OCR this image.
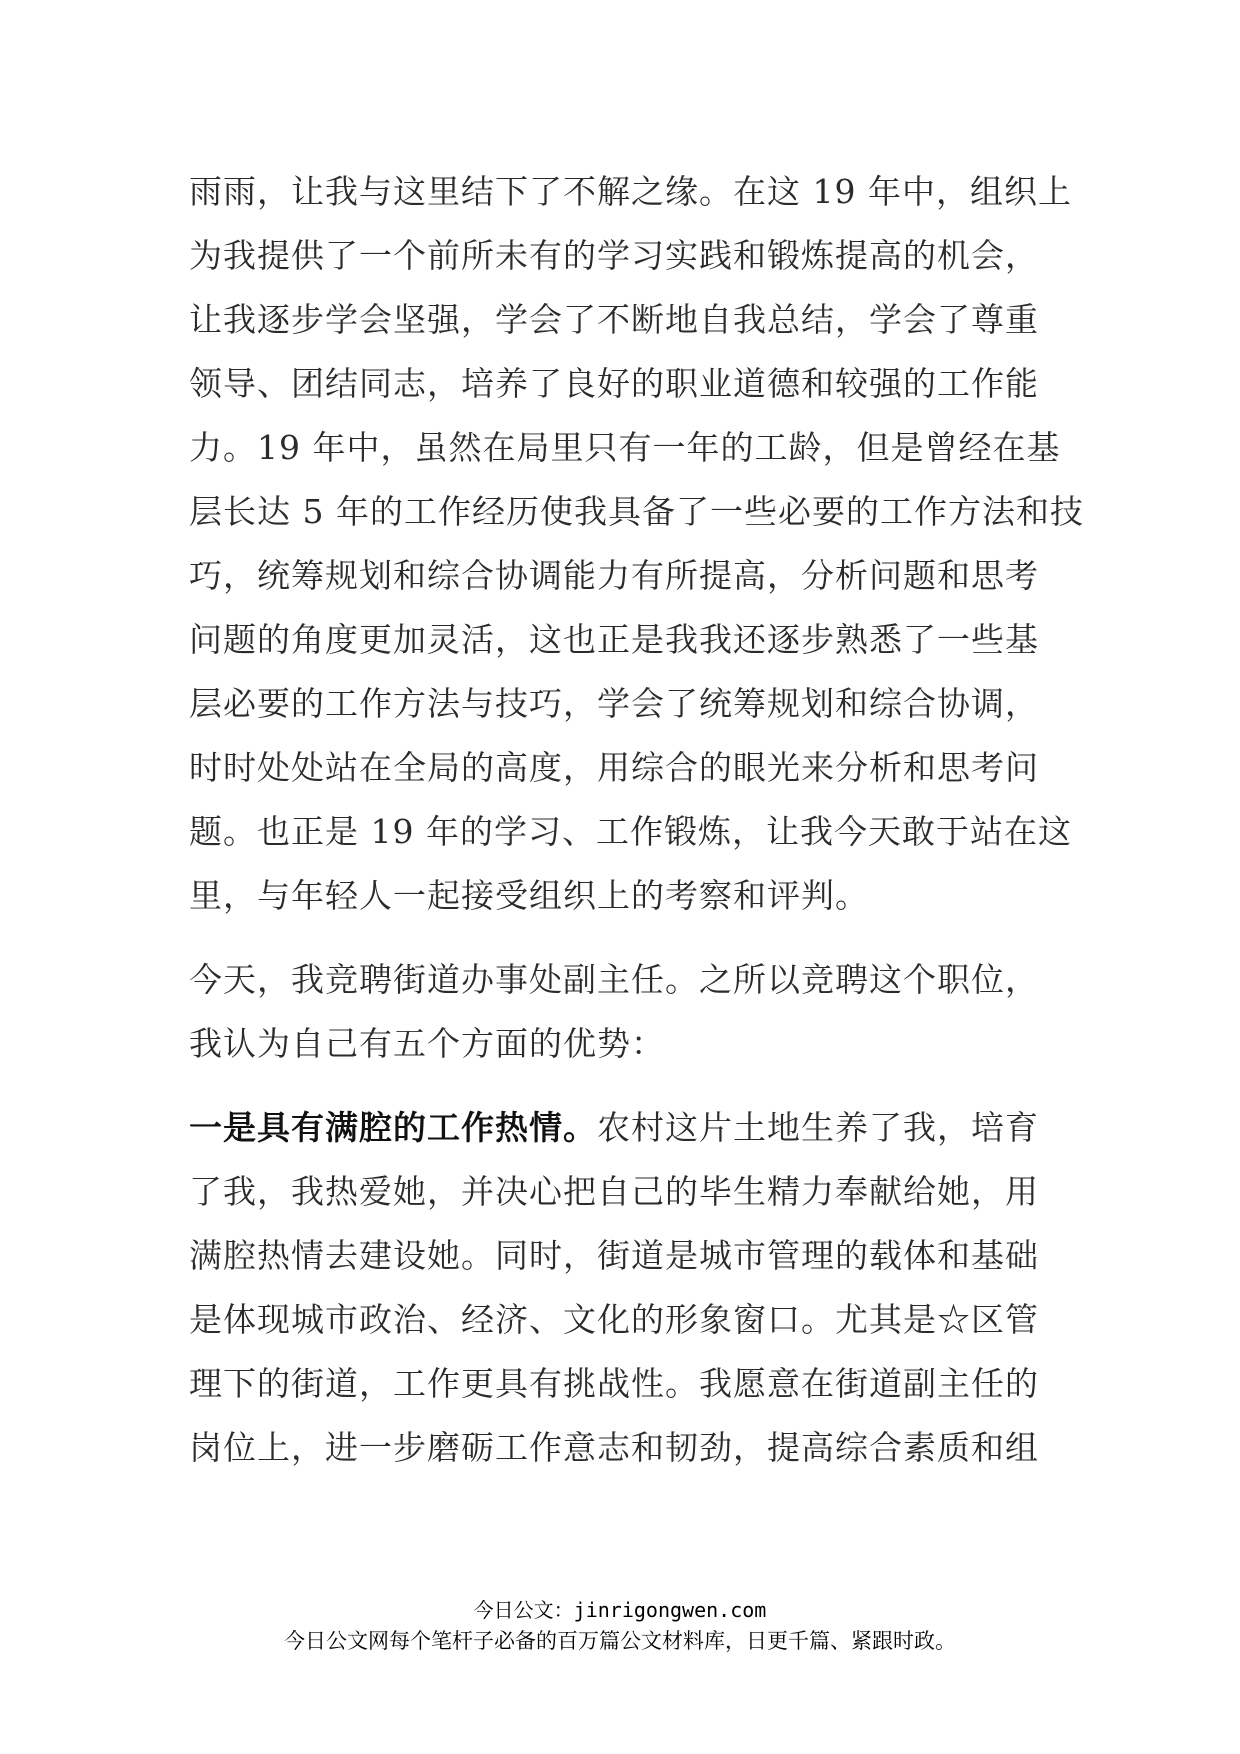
雨雨，让我与这里结下了不解之缘。在这 19 年中，组织上
为我提供了一个前所未有的学习实践和锻炼提高的机会，
让我逐步学会坚强，学会了不断地自我总结，学会了尊重
领导、团结同志，培养了良好的职业道德和较强的工作能
力。19 年中，虽然在局里只有一年的工龄，但是曾经在基
层长达 5 年的工作经历使我具备了一些必要的工作方法和技
巧，统筹规划和综合协调能力有所提高，分析问题和思考
问题的角度更加灵活，这也正是我我还逐步熟悉了一些基
层必要的工作方法与技巧，学会了统筹规划和综合协调，
时时处处站在全局的高度，用综合的眼光来分析和思考问
题。也正是 19 年的学习、工作锻炼，让我今天敢于站在这
里，与年轻人一起接受组织上的考察和评判。

今天，我竞聘街道办事处副主任。之所以竞聘这个职位，
我认为自己有五个方面的优势：

一是具有满腔的工作热情。农村这片土地生养了我，培育
了我，我热爱她，并决心把自己的毕生精力奉献给她，用
满腔热情去建设她。同时，街道是城市管理的载体和基础
是体现城市政治、经济、文化的形象窗口。尤其是☆区管
理下的街道，工作更具有挑战性。我愿意在街道副主任的
岗位上，进一步磨砺工作意志和韧劲，提高综合素质和组

今日公文：jinrigongwen.com
今日公文网每个笔杆子必备的百万篇公文材料库，日更千篇、紧跟时政。
